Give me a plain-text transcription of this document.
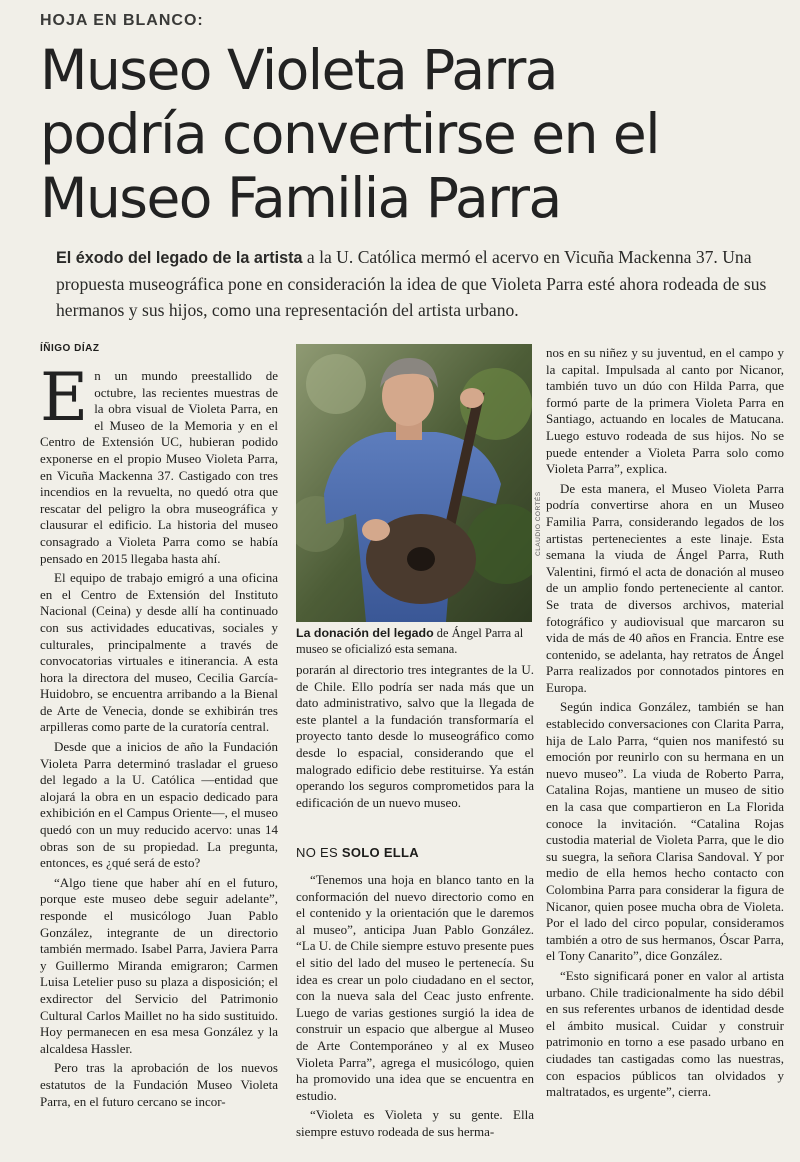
HOJA EN BLANCO:
Museo Violeta Parra
podría convertirse en el
Museo Familia Parra
El éxodo del legado de la artista a la U. Católica mermó el acervo en Vicuña Mackenna 37. Una propuesta museográfica pone en consideración la idea de que Violeta Parra esté ahora rodeada de sus hermanos y sus hijos, como una representación del artista urbano.
ÍÑIGO DÍAZ

En un mundo preestallido de octubre, las recientes muestras de la obra visual de Violeta Parra, en el Museo de la Memoria y en el Centro de Extensión UC, hubieran podido exponerse en el propio Museo Violeta Parra, en Vicuña Mackenna 37. Castigado con tres incendios en la revuelta, no quedó otra que rescatar del peligro la obra museográfica y clausurar el edificio. La historia del museo consagrado a Violeta Parra como se había pensado en 2015 llegaba hasta ahí.

El equipo de trabajo emigró a una oficina en el Centro de Extensión del Instituto Nacional (Ceina) y desde allí ha continuado con sus actividades educativas, sociales y culturales, principalmente a través de convocatorias virtuales e itinerancia. A esta hora la directora del museo, Cecilia García-Huidobro, se encuentra arribando a la Bienal de Arte de Venecia, donde se exhibirán tres arpilleras como parte de la curatoría central.

Desde que a inicios de año la Fundación Violeta Parra determinó trasladar el grueso del legado a la U. Católica —entidad que alojará la obra en un espacio dedicado para exhibición en el Campus Oriente—, el museo quedó con un muy reducido acervo: unas 14 obras son de su propiedad. La pregunta, entonces, es ¿qué será de esto?

“Algo tiene que haber ahí en el futuro, porque este museo debe seguir adelante”, responde el musicólogo Juan Pablo González, integrante de un directorio también mermado. Isabel Parra, Javiera Parra y Guillermo Miranda emigraron; Carmen Luisa Letelier puso su plaza a disposición; el exdirector del Servicio del Patrimonio Cultural Carlos Maillet no ha sido sustituido. Hoy permanecen en esa mesa González y la alcaldesa Hassler.

Pero tras la aprobación de los nuevos estatutos de la Fundación Museo Violeta Parra, en el futuro cercano se incor-

CLAUDIO CORTÉS
La donación del legado de Ángel Parra al museo se oficializó esta semana.

porarán al directorio tres integrantes de la U. de Chile. Ello podría ser nada más que un dato administrativo, salvo que la llegada de este plantel a la fundación transformaría el proyecto tanto desde lo museográfico como desde lo espacial, considerando que el malogrado edificio debe restituirse. Ya están operando los seguros comprometidos para la edificación de un nuevo museo.

NO ES SOLO ELLA

“Tenemos una hoja en blanco tanto en la conformación del nuevo directorio como en el contenido y la orientación que le daremos al museo”, anticipa Juan Pablo González. “La U. de Chile siempre estuvo presente pues el sitio del lado del museo le pertenecía. Su idea es crear un polo ciudadano en el sector, con la nueva sala del Ceac justo enfrente. Luego de varias gestiones surgió la idea de construir un espacio que albergue al Museo de Arte Contemporáneo y al ex Museo Violeta Parra”, agrega el musicólogo, quien ha promovido una idea que se encuentra en estudio.

“Violeta es Violeta y su gente. Ella siempre estuvo rodeada de sus herma-

nos en su niñez y su juventud, en el campo y la capital. Impulsada al canto por Nicanor, también tuvo un dúo con Hilda Parra, que formó parte de la primera Violeta Parra en Santiago, actuando en locales de Matucana. Luego estuvo rodeada de sus hijos. No se puede entender a Violeta Parra solo como Violeta Parra”, explica.

De esta manera, el Museo Violeta Parra podría convertirse ahora en un Museo Familia Parra, considerando legados de los artistas pertenecientes a este linaje. Esta semana la viuda de Ángel Parra, Ruth Valentini, firmó el acta de donación al museo de un amplio fondo perteneciente al cantor. Se trata de diversos archivos, material fotográfico y audiovisual que marcaron su vida de más de 40 años en Francia. Entre ese contenido, se adelanta, hay retratos de Ángel Parra realizados por connotados pintores en Europa.

Según indica González, también se han establecido conversaciones con Clarita Parra, hija de Lalo Parra, “quien nos manifestó su emoción por reunirlo con su hermana en un nuevo museo”. La viuda de Roberto Parra, Catalina Rojas, mantiene un museo de sitio en la casa que compartieron en La Florida conoce la invitación. “Catalina Rojas custodia material de Violeta Parra, que le dio su suegra, la señora Clarisa Sandoval. Y por medio de ella hemos hecho contacto con Colombina Parra para considerar la figura de Nicanor, quien posee mucha obra de Violeta. Por el lado del circo popular, consideramos también a otro de sus hermanos, Óscar Parra, el Tony Canarito”, dice González.

“Esto significará poner en valor al artista urbano. Chile tradicionalmente ha sido débil en sus referentes urbanos de identidad desde el ámbito musical. Cuidar y construir patrimonio en torno a ese pasado urbano en ciudades tan castigadas como las nuestras, con espacios públicos tan olvidados y maltratados, es urgente”, cierra.
